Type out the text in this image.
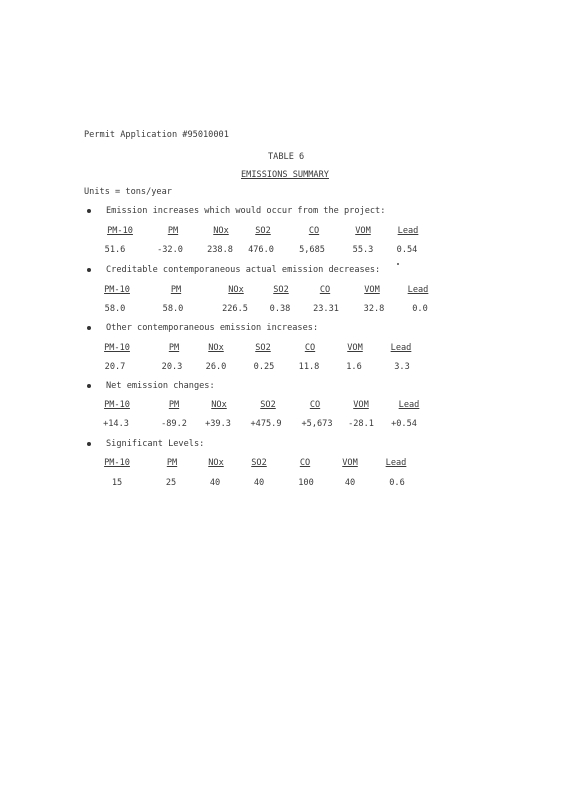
Permit Application #95010001
TABLE 6
EMISSIONS SUMMARY
Units = tons/year
Emission increases which would occur from the project:
PM-10	PM	NOx	SO2	CO	VOM	Lead
51.6	-32.0	238.8	476.0	5,685	55.3	0.54
Creditable contemporaneous actual emission decreases:
PM-10	PM	NOx	SO2	CO	VOM	Lead
58.0	58.0	226.5	0.38	23.31	32.8	0.0
Other contemporaneous emission increases:
PM-10	PM	NOx	SO2	CO	VOM	Lead
20.7	20.3	26.0	0.25	11.8	1.6	3.3
Net emission changes:
PM-10	PM	NOx	SO2	CO	VOM	Lead
+14.3	-89.2	+39.3	+475.9	+5,673	-28.1	+0.54
Significant Levels:
PM-10	PM	NOx	SO2	CO	VOM	Lead
15	25	40	40	100	40	0.6
